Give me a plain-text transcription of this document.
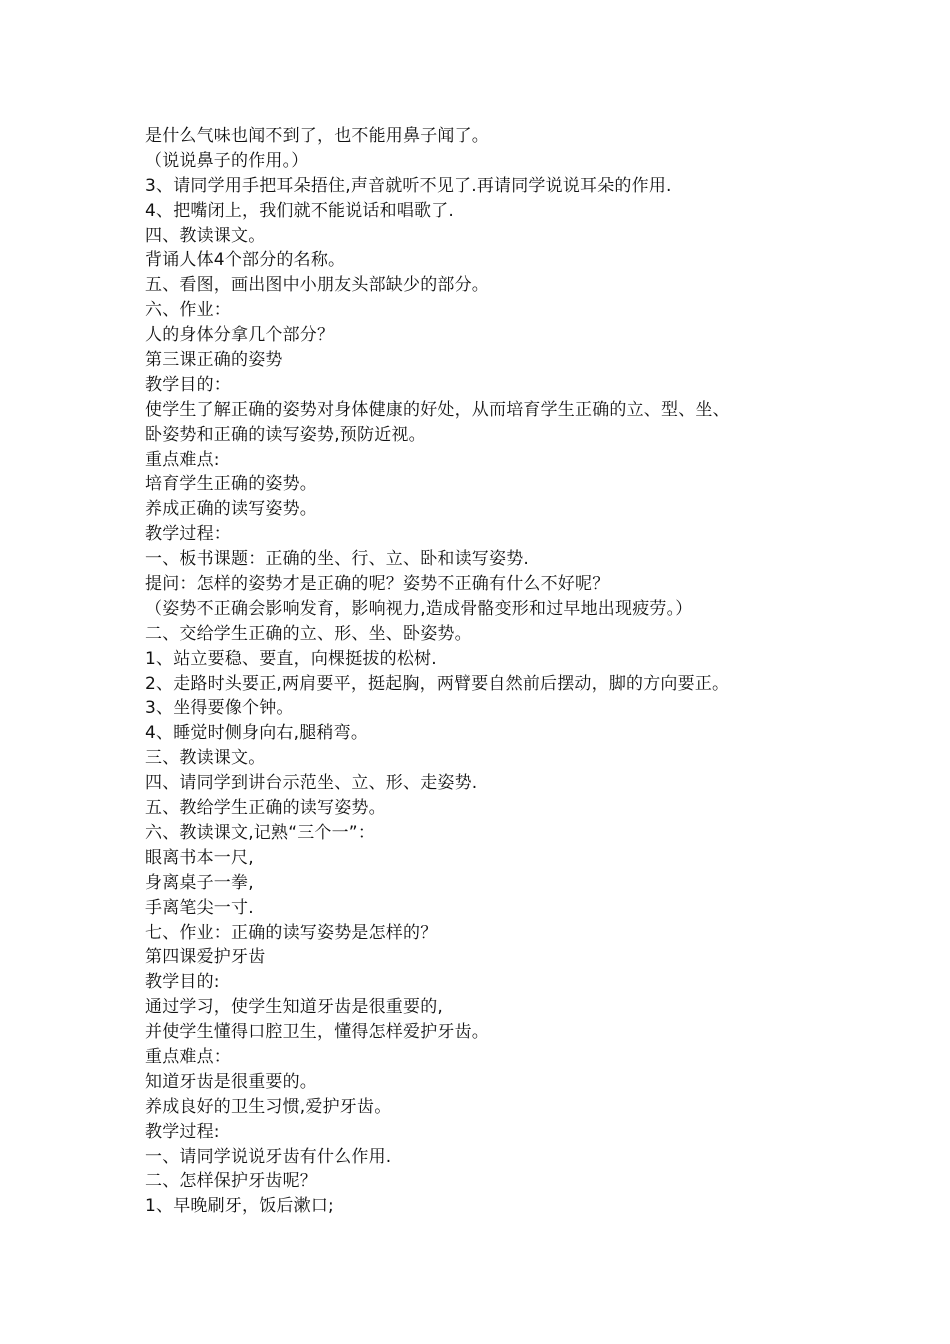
是什么气味也闻不到了，也不能用鼻子闻了。
（说说鼻子的作用。）
3、请同学用手把耳朵捂住,声音就听不见了.再请同学说说耳朵的作用.
4、把嘴闭上，我们就不能说话和唱歌了.
四、教读课文。
背诵人体4个部分的名称。
五、看图，画出图中小朋友头部缺少的部分。
六、作业：
人的身体分拿几个部分？
第三课正确的姿势
教学目的：
使学生了解正确的姿势对身体健康的好处，从而培育学生正确的立、型、坐、
卧姿势和正确的读写姿势,预防近视。
重点难点:
培育学生正确的姿势。
养成正确的读写姿势。
教学过程：
一、板书课题：正确的坐、行、立、卧和读写姿势.
提问：怎样的姿势才是正确的呢？姿势不正确有什么不好呢？
（姿势不正确会影响发育，影响视力,造成骨骼变形和过早地出现疲劳。）
二、交给学生正确的立、形、坐、卧姿势。
1、站立要稳、要直，向棵挺拔的松树.
2、走路时头要正,两肩要平，挺起胸，两臂要自然前后摆动，脚的方向要正。
3、坐得要像个钟。
4、睡觉时侧身向右,腿稍弯。
三、教读课文。
四、请同学到讲台示范坐、立、形、走姿势.
五、教给学生正确的读写姿势。
六、教读课文,记熟“三个一”：
眼离书本一尺,
身离桌子一拳,
手离笔尖一寸.
七、作业：正确的读写姿势是怎样的？
第四课爱护牙齿
教学目的:
通过学习，使学生知道牙齿是很重要的,
并使学生懂得口腔卫生，懂得怎样爱护牙齿。
重点难点：
知道牙齿是很重要的。
养成良好的卫生习惯,爱护牙齿。
教学过程:
一、请同学说说牙齿有什么作用.
二、怎样保护牙齿呢？
1、早晚刷牙，饭后漱口;
